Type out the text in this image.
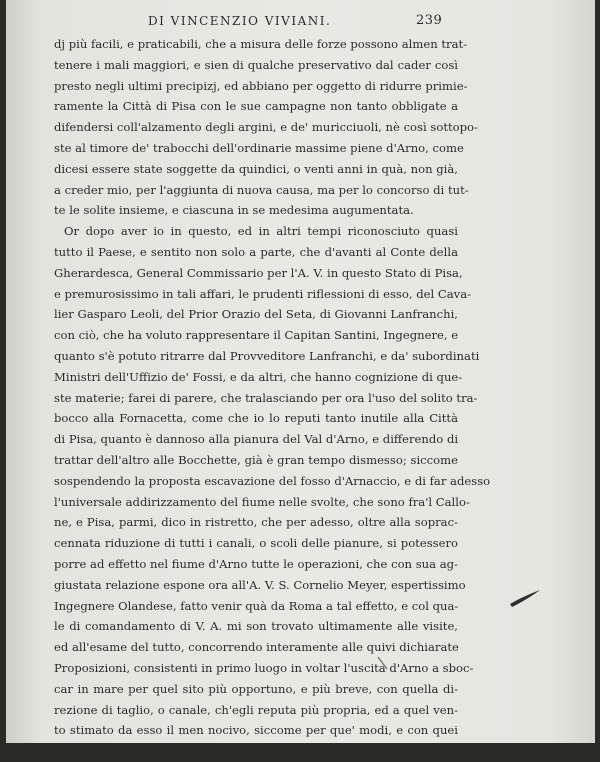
DI VINCENZIO VIVIANI.	239
dj più facili, e praticabili, che a misura delle forze possono almen trat-
tenere i mali maggiori, e sien di qualche preservativo dal cader così
presto negli ultimi precipizj, ed abbiano per oggetto di ridurre primie-
ramente la Città di Pisa con le sue campagne non tanto obbligate a
difendersi coll'alzamento degli argini, e de' muricciuoli, nè così sottopo-
ste al timore de' trabocchi dell'ordinarie massime piene d'Arno, come
dicesi essere state soggette da quindici, o venti anni in quà, non già,
a creder mio, per l'aggiunta di nuova causa, ma per lo concorso di tut-
te le solite insieme, e ciascuna in se medesima augumentata.
Or dopo aver io in questo, ed in altri tempi riconosciuto quasi
tutto il Paese, e sentito non solo a parte, che d'avanti al Conte della
Gherardesca, General Commissario per l'A. V. in questo Stato di Pisa,
e premurosissimo in tali affari, le prudenti riflessioni di esso, del Cava-
lier Gasparo Leoli, del Prior Orazio del Seta, di Giovanni Lanfranchi,
con ciò, che ha voluto rappresentare il Capitan Santini, Ingegnere, e
quanto s'è potuto ritrarre dal Provveditore Lanfranchi, e da' subordinati
Ministri dell'Uffizio de' Fossi, e da altri, che hanno cognizione di que-
ste materie; farei di parere, che tralasciando per ora l'uso del solito tra-
bocco alla Fornacetta, come che io lo reputi tanto inutile alla Città
di Pisa, quanto è dannoso alla pianura del Val d'Arno, e differendo di
trattar dell'altro alle Bocchette, già è gran tempo dismesso; siccome
sospendendo la proposta escavazione del fosso d'Arnaccio, e di far adesso
l'universale addirizzamento del fiume nelle svolte, che sono fra'l Callo-
ne, e Pisa, parmi, dico in ristretto, che per adesso, oltre alla soprac-
cennata riduzione di tutti i canali, o scoli delle pianure, si potessero
porre ad effetto nel fiume d'Arno tutte le operazioni, che con sua ag-
giustata relazione espone ora all'A. V. S. Cornelio Meyer, espertissimo
Ingegnere Olandese, fatto venir quà da Roma a tal effetto, e col qua-
le di comandamento di V. A. mi son trovato ultimamente alle visite,
ed all'esame del tutto, concorrendo interamente alle quivi dichiarate
Proposizioni, consistenti in primo luogo in voltar l'uscita d'Arno a sboc-
car in mare per quel sito più opportuno, e più breve, con quella di-
rezione di taglio, o canale, ch'egli reputa più propria, ed a quel ven-
to stimato da esso il men nocivo, siccome per que' modi, e con quei
ripari
